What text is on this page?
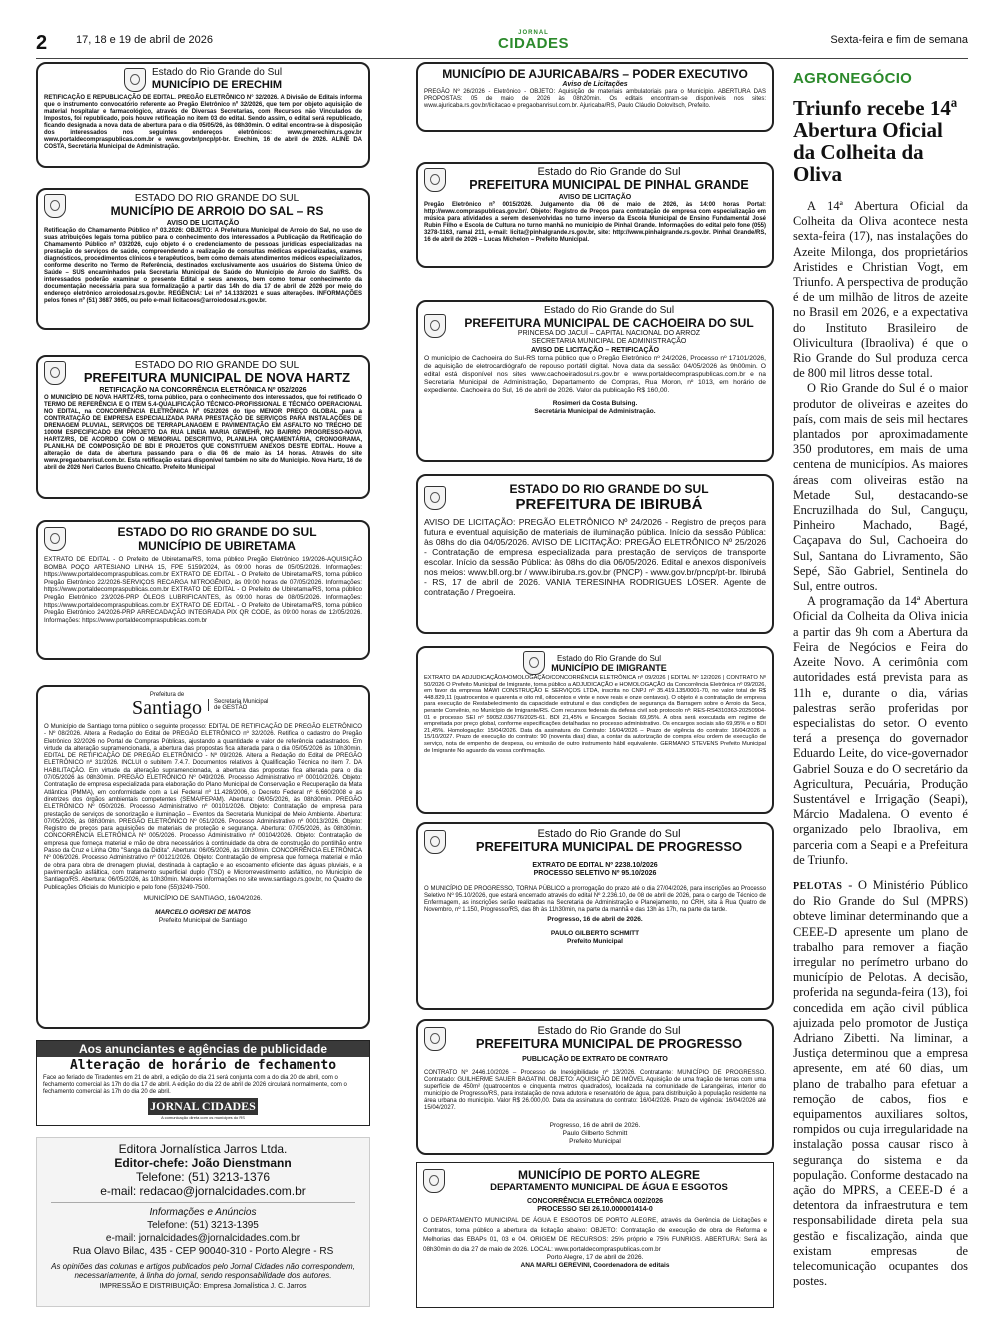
2	17, 18 e 19 de abril de 2026
JORNAL
CIDADES	Sexta-feira e fim de semana
Estado do Rio Grande do Sul
MUNICÍPIO DE ERECHIM
RETIFICAÇÃO E REPUBLICAÇÃO DE EDITAL. PREGÃO ELETRÔNICO N° 32/2026. A Divisão de Editais informa que o instrumento convocatório referente ao Pregão Eletrônico nº 32/2026, que tem por objeto aquisição de material hospitalar e farmacológico, através de Diversas Secretarias, com Recursos não Vinculados de Impostos, foi republicado, pois houve retificação no item 03 do edital. Sendo assim, o edital será republicado, ficando designada a nova data de abertura para o dia 05/05/26, às 08h30min. O edital encontra-se à disposição dos interessados nos seguintes endereços eletrônicos: www.pmerechim.rs.gov.br www.portaldecompraspublicas.com.br e www.govbr/pncp/pt-br. Erechim, 16 de abril de 2026. ALINE DA COSTA, Secretária Municipal de Administração.
ESTADO DO RIO GRANDE DO SUL
MUNICÍPIO DE ARROIO DO SAL – RS
AVISO DE LICITAÇÃO
Retificação do Chamamento Público nº 03.2026: OBJETO: A Prefeitura Municipal de Arroio do Sal, no uso de suas atribuições legais torna público para o conhecimento dos interessados a Publicação da Retificação do Chamamento Público nº 03/2026, cujo objeto é o credenciamento de pessoas jurídicas especializadas na prestação de serviços de saúde, compreendendo a realização de consultas médicas especializadas, exames diagnósticos, procedimentos clínicos e terapêuticos, bem como demais atendimentos médicos especializados, conforme descrito no Termo de Referência, destinados exclusivamente aos usuários do Sistema Único de Saúde – SUS encaminhados pela Secretaria Municipal de Saúde do Município de Arroio do Sal/RS. Os interessados poderão examinar o presente Edital e seus anexos, bem como tomar conhecimento da documentação necessária para sua formalização a partir das 14h do dia 17 de abril de 2026 por meio do endereço eletrônico arroiodosal.rs.gov.br. REGÊNCIA: Lei nº 14.133/2021 e suas alterações. INFORMAÇÕES pelos fones nº (51) 3687 3605, ou pelo e-mail licitacoes@arroiodosal.rs.gov.br.
ESTADO DO RIO GRANDE DO SUL
PREFEITURA MUNICIPAL DE NOVA HARTZ
RETIFICAÇÃO NA CONCORRÊNCIA ELETRÔNICA Nº 052/2026
O MUNICÍPIO DE NOVA HARTZ-RS, torna público, para o conhecimento dos interessados, que foi retificado O TERMO DE REFERÊNCIA E O ITEM 5.4-QUALIFICAÇÃO TÉCNICO-PROFISSIONAL E TÉCNICO OPERACIONAL NO EDITAL, na CONCORRÊNCIA ELETRÔNICA Nº 052/2026 do tipo MENOR PREÇO GLOBAL para a CONTRATAÇÃO DE EMPRESA ESPECIALIZADA PARA PRESTAÇÃO DE SERVIÇOS PARA INSTALAÇÕES DE DRENAGEM PLUVIAL, SERVIÇOS DE TERRAPLANAGEM E PAVIMENTAÇÃO EM ASFALTO NO TRECHO DE 1000M ESPECIFICADO EM PROJETO DA RUA LINEIA MARIA GEWEHR, NO BAIRRO PROGRESSO-NOVA HARTZ/RS, DE ACORDO COM O MEMORIAL DESCRITIVO, PLANILHA ORÇAMENTÁRIA, CRONOGRAMA, PLANILHA DE COMPOSIÇÃO DE BDI E PROJETOS QUE CONSTITUEM ANEXOS DESTE EDITAL. Houve a alteração de data de abertura passando para o dia 06 de maio às 14 horas. Através do site www.pregaobanrisul.com.br. Esta retificação estará disponível também no site do Município. Nova Hartz, 16 de abril de 2026 Neri Carlos Bueno Chicatto. Prefeito Municipal
ESTADO DO RIO GRANDE DO SUL
MUNICÍPIO DE UBIRETAMA
EXTRATO DE EDITAL - O Prefeito de Ubiretama/RS, torna público Pregão Eletrônico 19/2026-AQUISIÇÃO BOMBA POÇO ARTESIANO LINHA 15, FPE 5159/2024, às 09:00 horas de 05/05/2026. Informações: https://www.portaldecompraspublicas.com.br EXTRATO DE EDITAL - O Prefeito de Ubiretama/RS, torna público Pregão Eletrônico 22/2026-SERVIÇOS RECARGA NITROGÊNIO, às 09:00 horas de 07/05/2026. Informações: https://www.portaldecompraspublicas.com.br EXTRATO DE EDITAL - O Prefeito de Ubiretama/RS, torna público Pregão Eletrônico 23/2026-PRP ÓLEOS LUBRIFICANTES, às 09:00 horas de 08/05/2026. Informações: https://www.portaldecompraspublicas.com.br EXTRATO DE EDITAL - O Prefeito de Ubiretama/RS, torna público Pregão Eletrônico 24/2026-PRP ARRECADAÇÃO INTEGRADA PIX QR CODE, às 09:00 horas de 12/05/2026. Informações: https://www.portaldecompraspublicas.com.br
Prefeitura de
Santiago	Secretaria Municipal de GESTÃO
O Município de Santiago torna público o seguinte processo: EDITAL DE RETIFICAÇÃO DE PREGÃO ELETRÔNICO - Nº 08/2026. Altera a Redação do Edital de PREGÃO ELETRÔNICO nº 32/2026. Retifica o cadastro do Pregão Eletrônico 32/2026 no Portal de Compras Públicas, ajustando a quantidade e valor de referência cadastrados. Em virtude da alteração supramencionada, a abertura das propostas fica alterada para o dia 05/05/2026 às 10h30min. EDITAL DE RETIFICAÇÃO DE PREGÃO ELETRÔNICO - Nº 09/2026. Altera a Redação do Edital de PREGÃO ELETRÔNICO nº 31/2026. INCLUI o subitem 7.4.7. Documentos relativos à Qualificação Técnica no item 7. DA HABILITAÇÃO. Em virtude da alteração supramencionada, a abertura das propostas fica alterada para o dia 07/05/2026 às 08h30min. PREGÃO ELETRÔNICO Nº 049/2026. Processo Administrativo nº 00010/2026. Objeto: Contratação de empresa especializada para elaboração do Plano Municipal de Conservação e Recuperação da Mata Atlântica (PMMA), em conformidade com a Lei Federal nº 11.428/2006, o Decreto Federal nº 6.660/2008 e as diretrizes dos órgãos ambientais competentes (SEMA/FEPAM). Abertura: 06/05/2026, às 08h30min. PREGÃO ELETRÔNICO Nº 050/2026. Processo Administrativo nº 00101/2026. Objeto: Contratação de empresa para prestação de serviços de sonorização e iluminação – Eventos da Secretaria Municipal de Meio Ambiente. Abertura: 07/05/2026, às 08h30min. PREGÃO ELETRÔNICO Nº 051/2026. Processo Administrativo nº 00013/2026. Objeto: Registro de preços para aquisições de materiais de proteção e segurança. Abertura: 07/05/2026, às 08h30min. CONCORRÊNCIA ELETRÔNICA Nº 005/2026. Processo Administrativo nº 00104/2026. Objeto: Contratação de empresa que forneça material e mão de obra necessários à continuidade da obra de construção do pontilhão entre Passo da Cruz e Linha Otto "Sanga da Didita". Abertura: 06/05/2026, às 10h30min. CONCORRÊNCIA ELETRÔNICA Nº 006/2026. Processo Administrativo nº 00121/2026. Objeto: Contratação de empresa que forneça material e mão de obra para obra de drenagem pluvial, destinada à captação e ao escoamento eficiente das águas pluviais, e a pavimentação asfáltica, com tratamento superficial duplo (TSD) e Microrrevestimento asfáltico, no Município de Santiago/RS. Abertura: 06/05/2026, às 10h30min. Maiores informações no site www.santiago.rs.gov.br, no Quadro de Publicações Oficiais do Município e pelo fone (55)3249-7500.
MUNICÍPIO DE SANTIAGO, 16/04/2026.
MARCELO GORSKI DE MATOS
Prefeito Municipal de Santiago
Aos anunciantes e agências de publicidade
Alteração de horário de fechamento
Face ao feriado de Tiradentes em 21 de abril, a edição do dia 21 será conjunta com a do dia 20 de abril, com o fechamento comercial às 17h do dia 17 de abril. A edição do dia 22 de abril de 2026 circulará normalmente, com o fechamento comercial às 17h do dia 20 de abril.
JORNAL CIDADES
A comunicação direta com os munícipes do RS
Editora Jornalística Jarros Ltda.
Editor-chefe: João Dienstmann
Telefone: (51) 3213-1376
e-mail: redacao@jornalcidades.com.br
Informações e Anúncios
Telefone: (51) 3213-1395
e-mail: jornalcidades@jornalcidades.com.br
Rua Olavo Bilac, 435 - CEP 90040-310 - Porto Alegre - RS
As opiniões das colunas e artigos publicados pelo Jornal Cidades não correspondem, necessariamente, à linha do jornal, sendo responsabilidade dos autores.
IMPRESSÃO E DISTRIBUIÇÃO: Empresa Jornalística J. C. Jarros
MUNICÍPIO DE AJURICABA/RS – PODER EXECUTIVO
Aviso de Licitações
PREGÃO Nº 26/2026 - Eletrônico - OBJETO: Aquisição de materiais ambulatoriais para o Município. ABERTURA DAS PROPOSTAS: 05 de maio de 2026 às 08h20min. Os editais encontram-se disponíveis nos sites: www.ajuricaba.rs.gov.br/licitacao e pregaobanrisul.com.br. Ajuricaba/RS, Paulo Cláudio Dolovitsch, Prefeito.
Estado do Rio Grande do Sul
PREFEITURA MUNICIPAL DE PINHAL GRANDE
AVISO DE LICITAÇÃO
Pregão Eletrônico nº 0015/2026. Julgamento dia 06 de maio de 2026, às 14:00 horas Portal: http://www.compraspublicas.gov.br/. Objeto: Registro de Preços para contratação de empresa com especialização em música para atividades a serem desenvolvidas no turno inverso da Escola Municipal de Ensino Fundamental José Rubin Filho e Escola de Cultura no turno manhã no município de Pinhal Grande. Informações do edital pelo fone (055) 3278-1163, ramal 211, e-mail: licita@pinhalgrande.rs.gov.br, site: http://www.pinhalgrande.rs.gov.br. Pinhal Grande/RS, 16 de abril de 2026 – Lucas Michelon – Prefeito Municipal.
Estado do Rio Grande do Sul
PREFEITURA MUNICIPAL DE CACHOEIRA DO SUL
PRINCESA DO JACUÍ – CAPITAL NACIONAL DO ARROZ
SECRETARIA MUNICIPAL DE ADMINISTRAÇÃO
AVISO DE LICITAÇÃO – RETIFICAÇÃO
O município de Cachoeira do Sul-RS torna público que o Pregão Eletrônico nº 24/2026, Processo nº 17101/2026, de aquisição de eletrocardiógrafo de repouso portátil digital. Nova data da sessão: 04/05/2026 às 9h00min. O edital está disponível nos sites www.cachoeiradosul.rs.gov.br e www.portaldecompraspublicas.com.br e na Secretaria Municipal de Administração, Departamento de Compras, Rua Moron, nº 1013, em horário de expediente. Cachoeira do Sul, 16 de abril de 2026. Valor da publicação R$ 160,00.
Rosimeri da Costa Bulsing.
Secretária Municipal de Administração.
ESTADO DO RIO GRANDE DO SUL
PREFEITURA DE IBIRUBÁ
AVISO DE LICITAÇÃO: PREGÃO ELETRÔNICO Nº 24/2026 - Registro de preços para futura e eventual aquisição de materiais de iluminação pública. Início da sessão Pública: às 08hs do dia 04/05/2026. AVISO DE LICITAÇÃO: PREGÃO ELETRÔNICO Nº 25/2026 - Contratação de empresa especializada para prestação de serviços de transporte escolar. Início da sessão Pública: às 08hs do dia 06/05/2026. Edital e anexos disponíveis nos meios: www.bll.org.br / www.ibiruba.rs.gov.br (PNCP) - www.gov.br/pncp/pt-br. Ibirubá - RS, 17 de abril de 2026. VANIA TERESINHA RODRIGUES LÖSER. Agente de contratação / Pregoeira.
Estado do Rio Grande do Sul
MUNICÍPIO DE IMIGRANTE
EXTRATO DA ADJUDICAÇÃO/HOMOLOGAÇÃO/CONCORRÊNCIA ELETRÔNICA nº 09/2026 | EDITAL Nº 12/2026 | CONTRATO Nº 50/2026 O Prefeito Municipal de Imigrante, torna público a ADJUDICAÇÃO e HOMOLOGAÇÃO da Concorrência Eletrônica nº 09/2026, em favor da empresa MAWI CONSTRUÇÃO E SERVIÇOS LTDA, inscrita no CNPJ nº 35.419.135/0001-70, no valor total de R$ 448.829,11 (quatrocentos e quarenta e oito mil, oitocentos e vinte e nove reais e onze centavos). O objeto é a contratação de empresa para execução de Restabelecimento da capacidade estrutural e das condições de segurança da Barragem sobre o Arroio da Seca, perante Convênio, no Município de Imigrante/RS. Com recursos federais da defesa civil sob protocolo nº: RES-RS4310363-20250904-01 e processo SEI nº 59052.036776/2025-61. BDI 21,45% e Encargos Sociais 69,95%. A obra será executada em regime de empreitada por preço global, conforme especificações detalhadas no processo administrativo. Os encargos sociais são 69,95% e o BDI 21,45%. Homologação: 15/04/2026. Data da assinatura do Contrato: 16/04/2026 – Prazo de vigência do contrato: 16/04/2026 a 15/10/2027. Prazo de execução do contrato: 90 (noventa dias) dias, a contar da autorização de compra e/ou ordem de execução de serviço, nota de empenho de despesa, ou emissão de outro instrumento hábil equivalente. GERMANO STEVENS Prefeito Municipal de Imigrante No aguardo da vossa confirmação.
Estado do Rio Grande do Sul
PREFEITURA MUNICIPAL DE PROGRESSO
EXTRATO DE EDITAL Nº 2238.10/2026
PROCESSO SELETIVO Nº 95.10/2026
O MUNICÍPIO DE PROGRESSO, TORNA PÚBLICO a prorrogação do prazo até o dia 27/04/2026, para inscrições ao Processo Seletivo Nº 95.10/2026, que estará encerrado através do edital Nº 2.236.10, de 08 de abril de 2026, para o cargo de Técnico de Enfermagem, as inscrições serão realizadas na Secretaria de Administração e Planejamento, no CRH, sita à Rua Quatro de Novembro, nº 1.150, Progresso/RS, das 8h às 11h30min, na parte da manhã e das 13h às 17h, na parte da tarde.
Progresso, 16 de abril de 2026.
PAULO GILBERTO SCHMITT
Prefeito Municipal
Estado do Rio Grande do Sul
PREFEITURA MUNICIPAL DE PROGRESSO
PUBLICAÇÃO DE EXTRATO DE CONTRATO
CONTRATO Nº 2446.10/2026 – Processo de Inexigibilidade nº 13/2026. Contratante: MUNICÍPIO DE PROGRESSO. Contratado: GUILHERME SAUER BAGATINI. OBJETO: AQUISIÇÃO DE IMÓVEL Aquisição de uma fração de terras com uma superfície de 450m² (quatrocentos e cinquenta metros quadrados), localizada na comunidade de Larangeiras, interior do município de Progresso/RS, para instalação de nova adutora e reservatório de água, para distribuição à população residente na área urbana do município. Valor R$ 26.000,00. Data da assinatura do contrato: 16/04/2026. Prazo de vigência: 16/04/2026 até 15/04/2027.
Progresso, 16 de abril de 2026.
Paulo Gilberto Schmitt
Prefeito Municipal
MUNICÍPIO DE PORTO ALEGRE
DEPARTAMENTO MUNICIPAL DE ÁGUA E ESGOTOS
CONCORRÊNCIA ELETRÔNICA 002/2026
PROCESSO SEI 26.10.000001414-0
O DEPARTAMENTO MUNICIPAL DE ÁGUA E ESGOTOS DE PORTO ALEGRE, através da Gerência de Licitações e Contratos, torna público a abertura da licitação abaixo: OBJETO: Contratação de execução de obra de Reforma e Melhorias das EBAPs 01, 03 e 04. ORIGEM DE RECURSOS: 25% próprio e 75% FUNRIGS. ABERTURA: Será às 08h30min do dia 27 de maio de 2026. LOCAL: www.portaldecompraspublicas.com.br
Porto Alegre, 17 de abril de 2026.
ANA MARLI GEREVINI, Coordenadora de editais
AGRONEGÓCIO
Triunfo recebe 14ª Abertura Oficial da Colheita da Oliva

A 14ª Abertura Oficial da Colheita da Oliva acontece nesta sexta-feira (17), nas instalações do Azeite Milonga, dos proprietários Aristides e Christian Vogt, em Triunfo. A perspectiva de produção é de um milhão de litros de azeite no Brasil em 2026, e a expectativa do Instituto Brasileiro de Olivicultura (Ibraoliva) é que o Rio Grande do Sul produza cerca de 800 mil litros desse total.

O Rio Grande do Sul é o maior produtor de oliveiras e azeites do país, com mais de seis mil hectares plantados por aproximadamente 350 produtores, em mais de uma centena de municípios. As maiores áreas com oliveiras estão na Metade Sul, destacando-se Encruzilhada do Sul, Canguçu, Pinheiro Machado, Bagé, Caçapava do Sul, Cachoeira do Sul, Santana do Livramento, São Sepé, São Gabriel, Sentinela do Sul, entre outros.

A programação da 14ª Abertura Oficial da Colheita da Oliva inicia a partir das 9h com a Abertura da Feira de Negócios e Feira do Azeite Novo. A cerimônia com autoridades está prevista para as 11h e, durante o dia, várias palestras serão proferidas por especialistas do setor. O evento terá a presença do governador Eduardo Leite, do vice-governador Gabriel Souza e do O secretário da Agricultura, Pecuária, Produção Sustentável e Irrigação (Seapi), Márcio Madalena. O evento é organizado pelo Ibraoliva, em parceria com a Seapi e a Prefeitura de Triunfo.

PELOTAS - O Ministério Público do Rio Grande do Sul (MPRS) obteve liminar determinando que a CEEE-D apresente um plano de trabalho para remover a fiação irregular no perímetro urbano do município de Pelotas. A decisão, proferida na segunda-feira (13), foi concedida em ação civil pública ajuizada pelo promotor de Justiça Adriano Zibetti. Na liminar, a Justiça determinou que a empresa apresente, em até 60 dias, um plano de trabalho para efetuar a remoção de cabos, fios e equipamentos auxiliares soltos, rompidos ou cuja irregularidade na instalação possa causar risco à segurança do sistema e da população. Conforme destacado na ação do MPRS, a CEEE-D é a detentora da infraestrutura e tem responsabilidade direta pela sua gestão e fiscalização, ainda que existam empresas de telecomunicação ocupantes dos postes.
